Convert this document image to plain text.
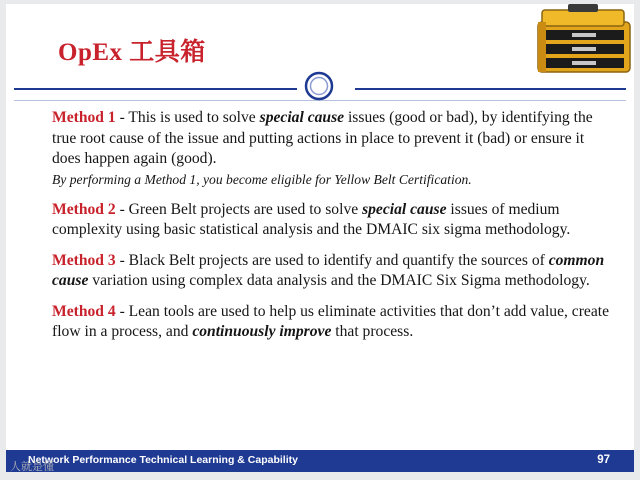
OpEx 工具箱

Method 1 - This is used to solve special cause issues (good or bad), by identifying the true root cause of the issue and putting actions in place to prevent it (bad) or ensure it does happen again (good).
By performing a Method 1, you become eligible for Yellow Belt Certification.

Method 2 - Green Belt projects are used to solve special cause issues of medium complexity using basic statistical analysis and the DMAIC six sigma methodology.

Method 3 - Black Belt projects are used to identify and quantify the sources of common cause variation using complex data analysis and the DMAIC Six Sigma methodology.

Method 4 - Lean tools are used to help us eliminate activities that don’t add value, create flow in a process, and continuously improve that process.

Network Performance Technical Learning & Capability	97
人就是懂
